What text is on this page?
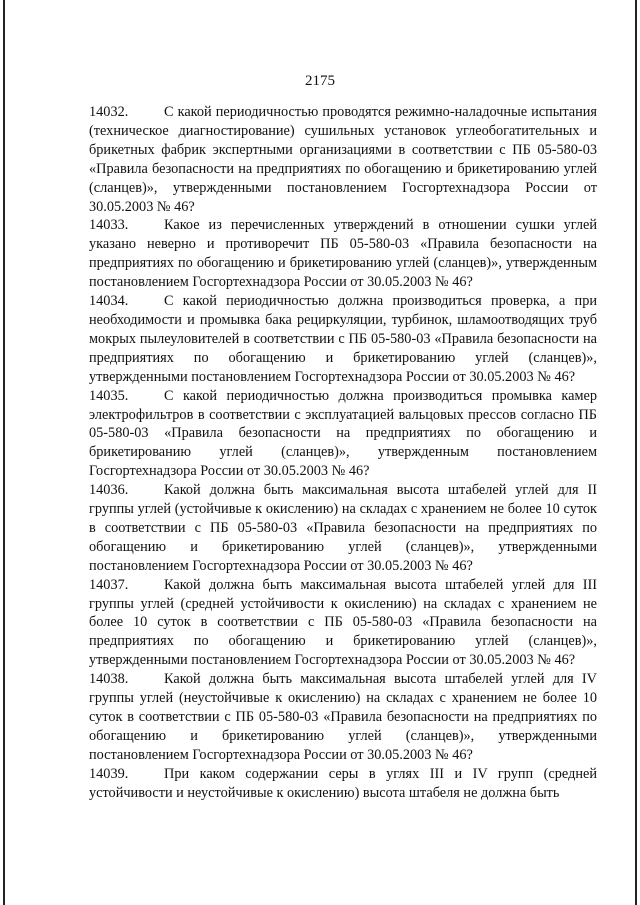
2175

14032. С какой периодичностью проводятся режимно-наладочные испытания (техническое диагностирование) сушильных установок углеобогатительных и брикетных фабрик экспертными организациями в соответствии с ПБ 05-580-03 «Правила безопасности на предприятиях по обогащению и брикетированию углей (сланцев)», утвержденными постановлением Госгортехнадзора России от 30.05.2003 № 46?

14033. Какое из перечисленных утверждений в отношении сушки углей указано неверно и противоречит ПБ 05-580-03 «Правила безопасности на предприятиях по обогащению и брикетированию углей (сланцев)», утвержденным постановлением Госгортехнадзора России от 30.05.2003 № 46?

14034. С какой периодичностью должна производиться проверка, а при необходимости и промывка бака рециркуляции, турбинок, шламоотводящих труб мокрых пылеуловителей в соответствии с ПБ 05-580-03 «Правила безопасности на предприятиях по обогащению и брикетированию углей (сланцев)», утвержденными постановлением Госгортехнадзора России от 30.05.2003 № 46?

14035. С какой периодичностью должна производиться промывка камер электрофильтров в соответствии с эксплуатацией вальцовых прессов согласно ПБ 05-580-03 «Правила безопасности на предприятиях по обогащению и брикетированию углей (сланцев)», утвержденным постановлением Госгортехнадзора России от 30.05.2003 № 46?

14036. Какой должна быть максимальная высота штабелей углей для II группы углей (устойчивые к окислению) на складах с хранением не более 10 суток в соответствии с ПБ 05-580-03 «Правила безопасности на предприятиях по обогащению и брикетированию углей (сланцев)», утвержденными постановлением Госгортехнадзора России от 30.05.2003 № 46?

14037. Какой должна быть максимальная высота штабелей углей для III группы углей (средней устойчивости к окислению) на складах с хранением не более 10 суток в соответствии с ПБ 05-580-03 «Правила безопасности на предприятиях по обогащению и брикетированию углей (сланцев)», утвержденными постановлением Госгортехнадзора России от 30.05.2003 № 46?

14038. Какой должна быть максимальная высота штабелей углей для IV группы углей (неустойчивые к окислению) на складах с хранением не более 10 суток в соответствии с ПБ 05-580-03 «Правила безопасности на предприятиях по обогащению и брикетированию углей (сланцев)», утвержденными постановлением Госгортехнадзора России от 30.05.2003 № 46?

14039. При каком содержании серы в углях III и IV групп (средней устойчивости и неустойчивые к окислению) высота штабеля не должна быть
